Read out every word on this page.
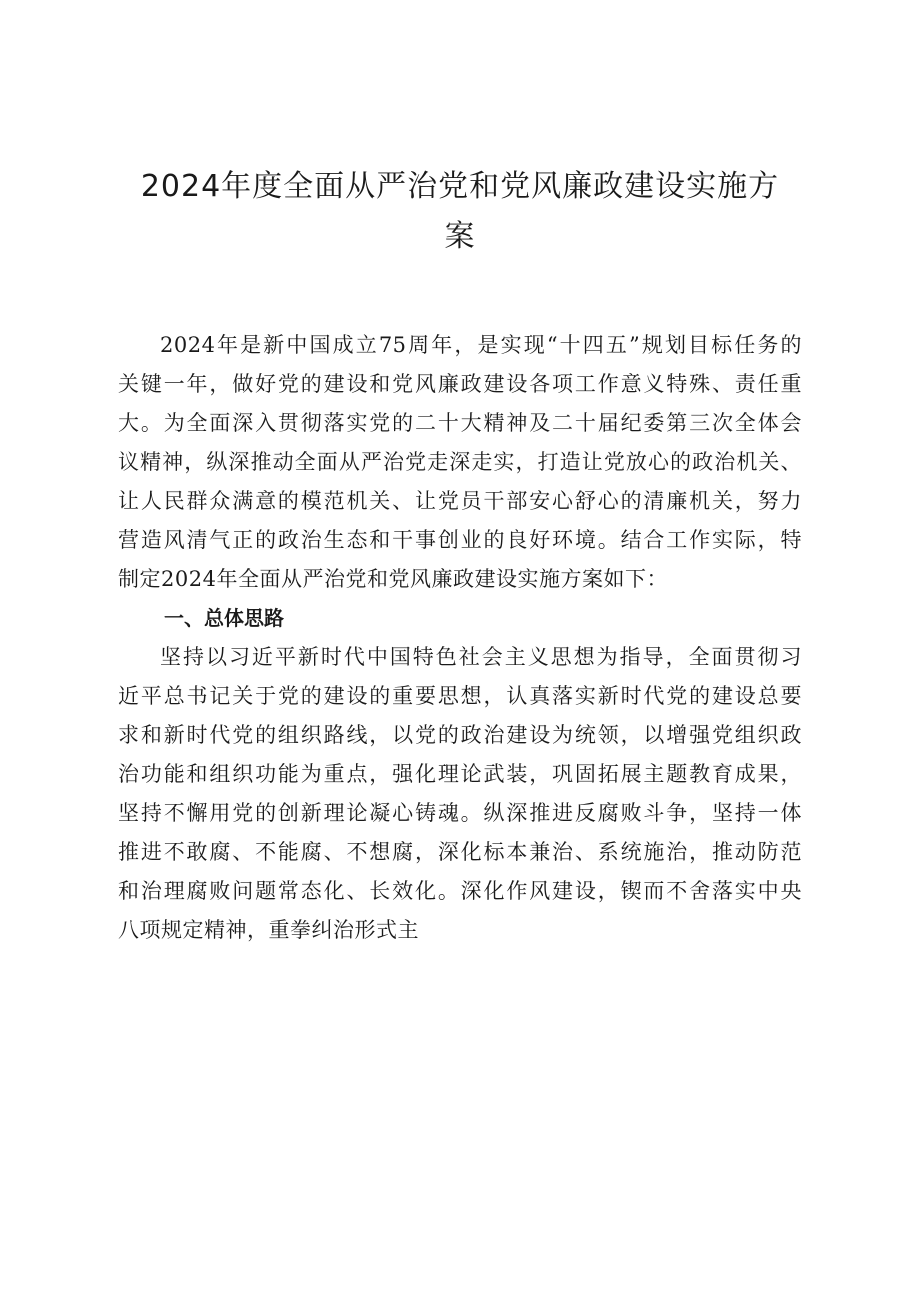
2024年度全面从严治党和党风廉政建设实施方
案
2024年是新中国成立75周年，是实现“十四五”规划目标任务的
关键一年，做好党的建设和党风廉政建设各项工作意义特殊、责任重
大。为全面深入贯彻落实党的二十大精神及二十届纪委第三次全体会
议精神，纵深推动全面从严治党走深走实，打造让党放心的政治机关、
让人民群众满意的模范机关、让党员干部安心舒心的清廉机关，努力
营造风清气正的政治生态和干事创业的良好环境。结合工作实际，特
制定2024年全面从严治党和党风廉政建设实施方案如下：
一、总体思路
坚持以习近平新时代中国特色社会主义思想为指导，全面贯彻习
近平总书记关于党的建设的重要思想，认真落实新时代党的建设总要
求和新时代党的组织路线，以党的政治建设为统领，以增强党组织政
治功能和组织功能为重点，强化理论武装，巩固拓展主题教育成果，
坚持不懈用党的创新理论凝心铸魂。纵深推进反腐败斗争，坚持一体
推进不敢腐、不能腐、不想腐，深化标本兼治、系统施治，推动防范
和治理腐败问题常态化、长效化。深化作风建设，锲而不舍落实中央
八项规定精神，重拳纠治形式主
